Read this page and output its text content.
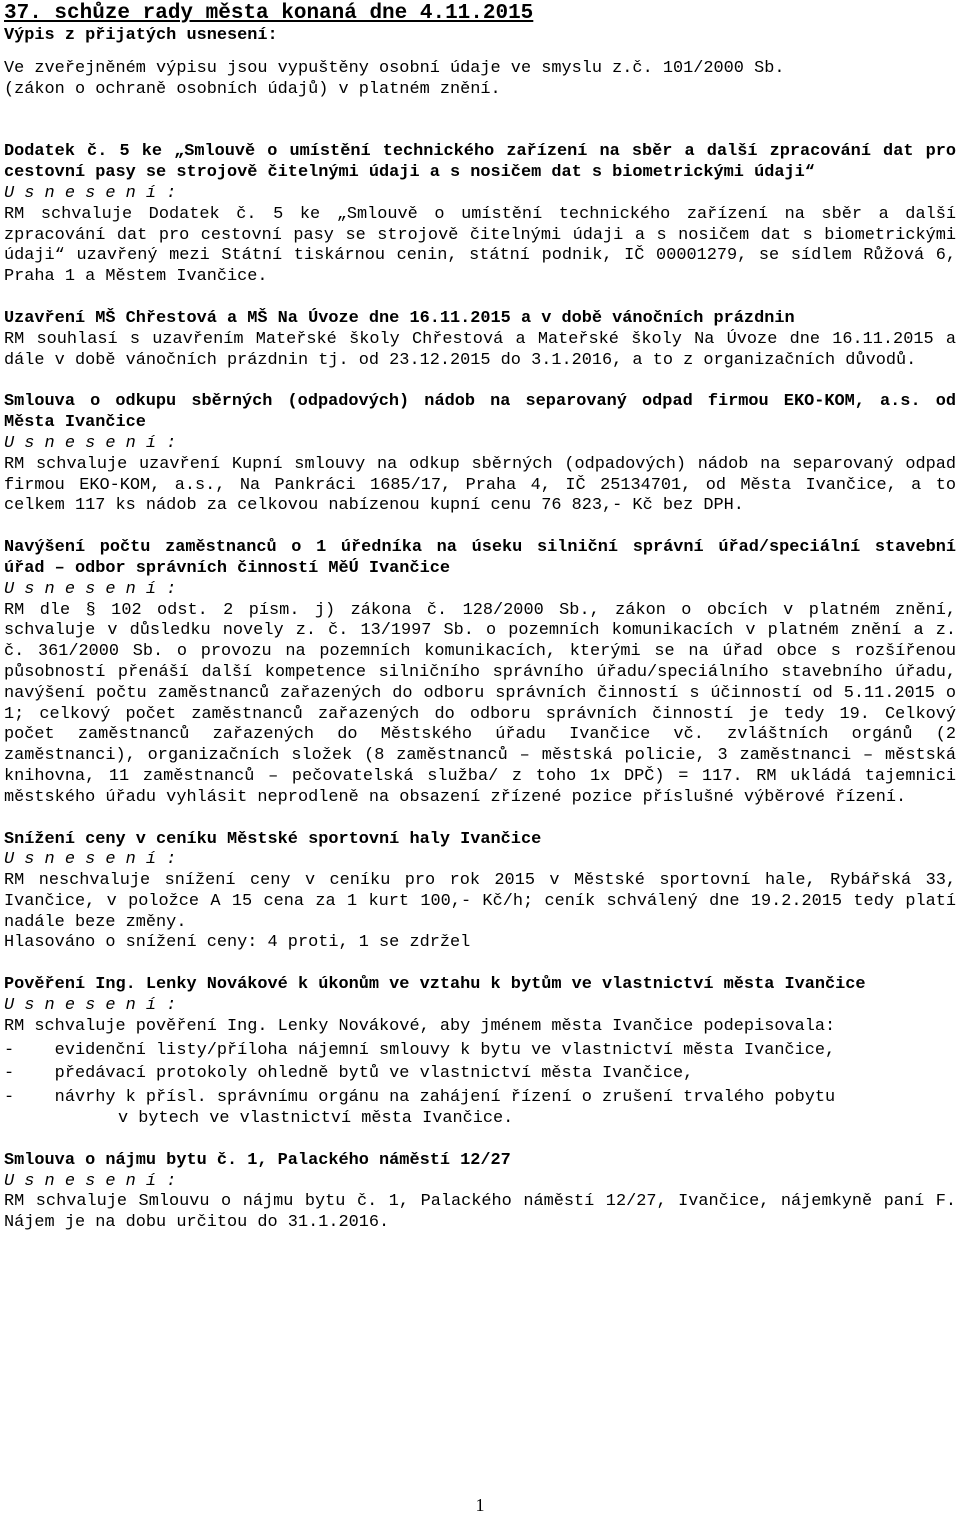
37. schůze rady města konaná dne 4.11.2015

Výpis z přijatých usnesení:

Ve zveřejněném výpisu jsou vypuštěny osobní údaje ve smyslu z.č. 101/2000 Sb.

(zákon o ochraně osobních údajů) v platném znění.

Dodatek č. 5 ke „Smlouvě o umístění technického zařízení na sběr a další zpracování dat pro cestovní pasy se strojově čitelnými údaji a s nosičem dat s biometrickými údaji“

U s n e s e n í :

RM schvaluje Dodatek č. 5 ke „Smlouvě o umístění technického zařízení na sběr a další zpracování dat pro cestovní pasy se strojově čitelnými údaji a s nosičem dat s biometrickými údaji“ uzavřený mezi Státní tiskárnou cenin, státní podnik, IČ 00001279, se sídlem Růžová 6, Praha 1 a Městem Ivančice.

Uzavření MŠ Chřestová a MŠ Na Úvoze dne 16.11.2015 a v době vánočních prázdnin

RM souhlasí s uzavřením Mateřské školy Chřestová a Mateřské školy Na Úvoze dne 16.11.2015 a dále v době vánočních prázdnin tj. od 23.12.2015 do 3.1.2016, a to z organizačních důvodů.

Smlouva o odkupu sběrných (odpadových) nádob na separovaný odpad firmou EKO-KOM, a.s. od Města Ivančice

U s n e s e n í :

RM schvaluje uzavření Kupní smlouvy na odkup sběrných (odpadových) nádob na separovaný odpad firmou EKO-KOM, a.s., Na Pankráci 1685/17, Praha 4, IČ 25134701, od Města Ivančice, a to celkem 117 ks nádob za celkovou nabízenou kupní cenu 76 823,- Kč bez DPH.

Navýšení počtu zaměstnanců o 1 úředníka na úseku silniční správní úřad/speciální stavební úřad – odbor správních činností MěÚ Ivančice

U s n e s e n í :

RM dle § 102 odst. 2 písm. j) zákona č. 128/2000 Sb., zákon o obcích v platném znění, schvaluje v důsledku novely z. č. 13/1997 Sb. o pozemních komunikacích v platném znění a z. č. 361/2000 Sb. o provozu na pozemních komunikacích, kterými se na úřad obce s rozšířenou působností přenáší další kompetence silničního správního úřadu/speciálního stavebního úřadu, navýšení počtu zaměstnanců zařazených do odboru správních činností s účinností od 5.11.2015 o 1; celkový počet zaměstnanců zařazených do odboru správních činností je tedy 19. Celkový počet zaměstnanců zařazených do Městského úřadu Ivančice vč. zvláštních orgánů (2 zaměstnanci), organizačních složek (8 zaměstnanců – městská policie, 3 zaměstnanci – městská knihovna, 11 zaměstnanců – pečovatelská služba/ z toho 1x DPČ) = 117. RM ukládá tajemnici městského úřadu vyhlásit neprodleně na obsazení zřízené pozice příslušné výběrové řízení.

Snížení ceny v ceníku Městské sportovní haly Ivančice

U s n e s e n í :

RM neschvaluje snížení ceny v ceníku pro rok 2015 v Městské sportovní hale, Rybářská 33, Ivančice, v položce A 15 cena za 1 kurt 100,- Kč/h; ceník schválený dne 19.2.2015 tedy platí nadále beze změny.

Hlasováno o snížení ceny: 4 proti, 1 se zdržel

Pověření Ing. Lenky Novákové k úkonům ve vztahu k bytům ve vlastnictví města Ivančice

U s n e s e n í :

RM schvaluje pověření Ing. Lenky Novákové, aby jménem města Ivančice podepisovala:

-    evidenční listy/příloha nájemní smlouvy k bytu ve vlastnictví města Ivančice,

-    předávací protokoly ohledně bytů ve vlastnictví města Ivančice,

-    návrhy k přísl. správnímu orgánu na zahájení řízení o zrušení trvalého pobytu

v bytech ve vlastnictví města Ivančice.

Smlouva o nájmu bytu č. 1, Palackého náměstí 12/27

U s n e s e n í :

RM schvaluje Smlouvu o nájmu bytu č. 1, Palackého náměstí 12/27, Ivančice, nájemkyně paní F. Nájem je na dobu určitou do 31.1.2016.

1
